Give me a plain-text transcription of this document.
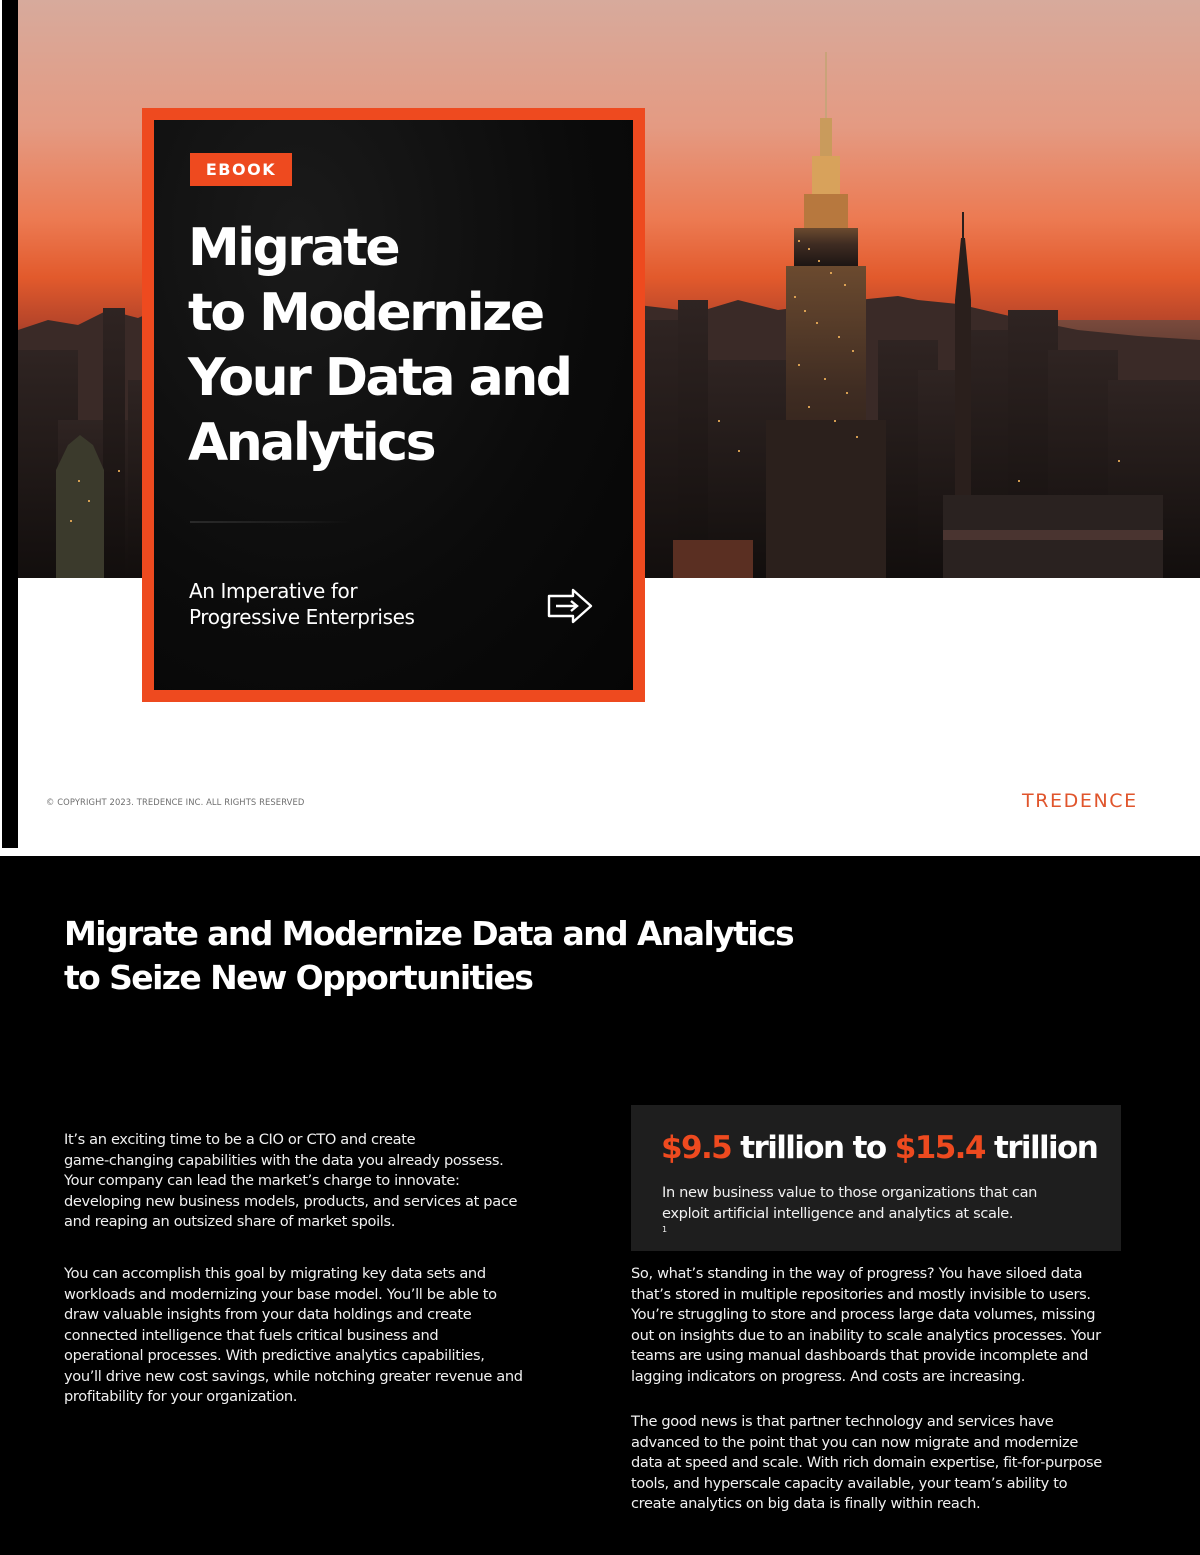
EBOOK
Migrate
to Modernize
Your Data and
Analytics

An Imperative for
Progressive Enterprises

© COPYRIGHT 2023. TREDENCE INC. ALL RIGHTS RESERVED	TREDENCE
Migrate and Modernize Data and Analytics
to Seize New Opportunities
It’s an exciting time to be a CIO or CTO and create
game-changing capabilities with the data you already possess.
Your company can lead the market’s charge to innovate:
developing new business models, products, and services at pace
and reaping an outsized share of market spoils.
You can accomplish this goal by migrating key data sets and
workloads and modernizing your base model. You’ll be able to
draw valuable insights from your data holdings and create
connected intelligence that fuels critical business and
operational processes. With predictive analytics capabilities,
you’ll drive new cost savings, while notching greater revenue and
profitability for your organization.
$9.5 trillion to $15.4 trillion
In new business value to those organizations that can
exploit artificial intelligence and analytics at scale.
$^1$
So, what’s standing in the way of progress? You have siloed data
that’s stored in multiple repositories and mostly invisible to users.
You’re struggling to store and process large data volumes, missing
out on insights due to an inability to scale analytics processes. Your
teams are using manual dashboards that provide incomplete and
lagging indicators on progress. And costs are increasing.
The good news is that partner technology and services have
advanced to the point that you can now migrate and modernize
data at speed and scale. With rich domain expertise, fit-for-purpose
tools, and hyperscale capacity available, your team’s ability to
create analytics on big data is finally within reach.
